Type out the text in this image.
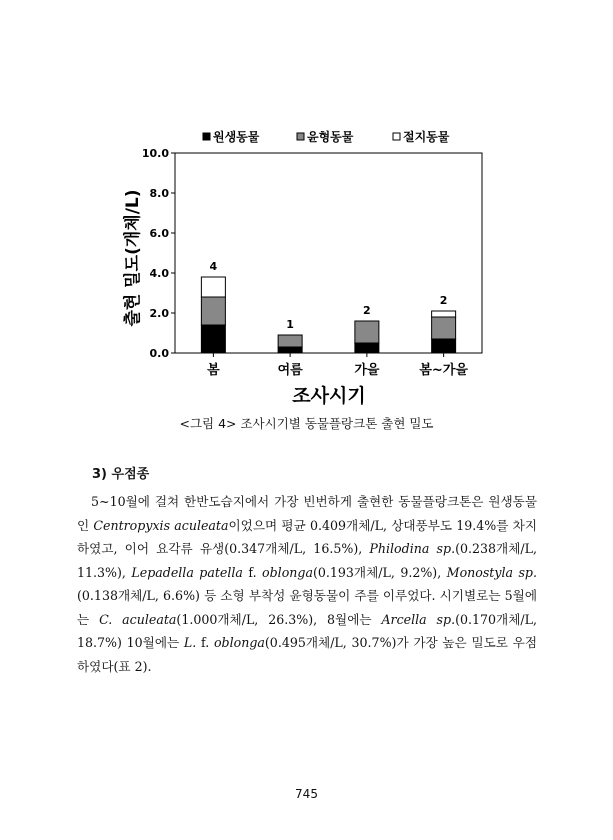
원생동물	윤형동물	절지동물
0.0
2.0
4.0
6.0
8.0
10.0
봄	여름	가을	봄~가을
4
1
2
2
출현 밀도(개체/L)
조사시기
<그림 4> 조사시기별 동물플랑크톤 출현 밀도
3) 우점종

5~10월에 걸쳐 한반도습지에서 가장 빈번하게 출현한 동물플랑크톤은 원생동물인 Centropyxis aculeata이었으며 평균 0.409개체/L, 상대풍부도 19.4%를 차지하였고, 이어 요각류 유생(0.347개체/L, 16.5%), Philodina sp.(0.238개체/L, 11.3%), Lepadella patella f. oblonga(0.193개체/L, 9.2%), Monostyla sp.(0.138개체/L, 6.6%) 등 소형 부착성 윤형동물이 주를 이루었다. 시기별로는 5월에는 C. aculeata(1.000개체/L, 26.3%), 8월에는 Arcella sp.(0.170개체/L, 18.7%) 10월에는 L. f. oblonga(0.495개체/L, 30.7%)가 가장 높은 밀도로 우점하였다(표 2).

745
